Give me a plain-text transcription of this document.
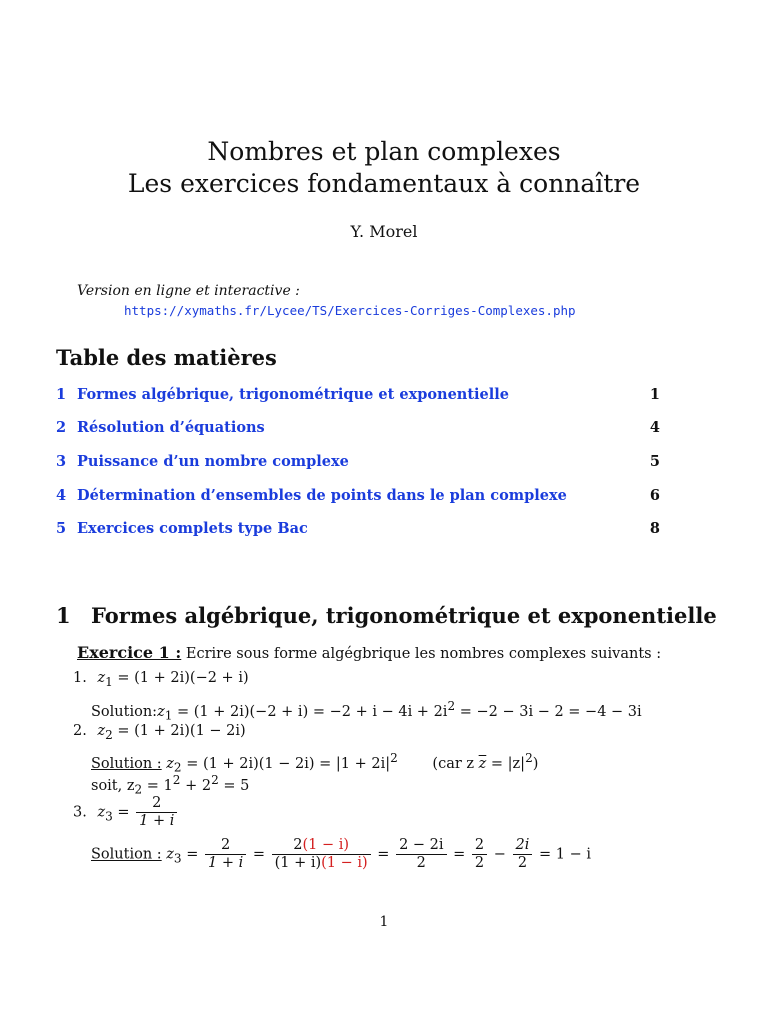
Nombres et plan complexes
Les exercices fondamentaux à connaître
Y. Morel
Version en ligne et interactive :
https://xymaths.fr/Lycee/TS/Exercices-Corriges-Complexes.php
Table des matières
1 Formes algébrique, trigonométrique et exponentielle	1
2 Résolution d’équations	4
3 Puissance d’un nombre complexe	5
4 Détermination d’ensembles de points dans le plan complexe	6
5 Exercices complets type Bac	8
1 Formes algébrique, trigonométrique et exponentielle
Exercice 1 : Ecrire sous forme algégbrique les nombres complexes suivants :
1. $z_1 = (1 + 2i)(-2 + i)$
$Solution:z_1 = (1 + 2i)(-2 + i) = -2 + i - 4i + 2i^2 = -2 - 3i - 2 = -4 - 3i$
2. $z_2 = (1 + 2i)(1 - 2i)$
Solution : $z_2 = (1 + 2i)(1 - 2i) = |1 + 2i|^2$ (car z $\overline{z} = |z|^2$)
soit, $z_2 = 1^2 + 2^2 = 5$
3. $z_3 = \frac{2}{1 + i}$
Solution : $z_3 = \frac{2}{1 + i} = \frac{2(1 - i)}{(1 + i)(1 - i)} = \frac{2 - 2i}{2} = \frac{2}{2} - \frac{2i}{2} = 1 - i$
1
